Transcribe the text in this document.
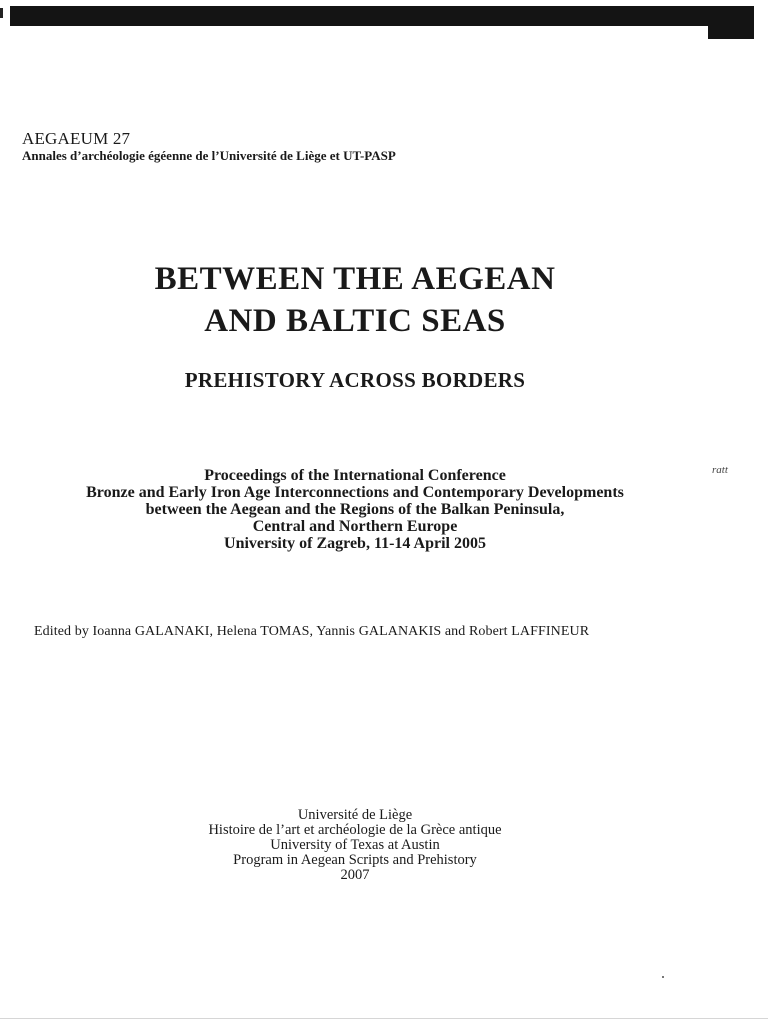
AEGAEUM 27
Annales d’archéologie égéenne de l’Université de Liège et UT-PASP
BETWEEN THE AEGEAN
AND BALTIC SEAS
PREHISTORY ACROSS BORDERS
ratt
Proceedings of the International Conference
Bronze and Early Iron Age Interconnections and Contemporary Developments
between the Aegean and the Regions of the Balkan Peninsula,
Central and Northern Europe
University of Zagreb, 11-14 April 2005
Edited by Ioanna GALANAKI, Helena TOMAS, Yannis GALANAKIS and Robert LAFFINEUR
Université de Liège
Histoire de l’art et archéologie de la Grèce antique
University of Texas at Austin
Program in Aegean Scripts and Prehistory
2007
